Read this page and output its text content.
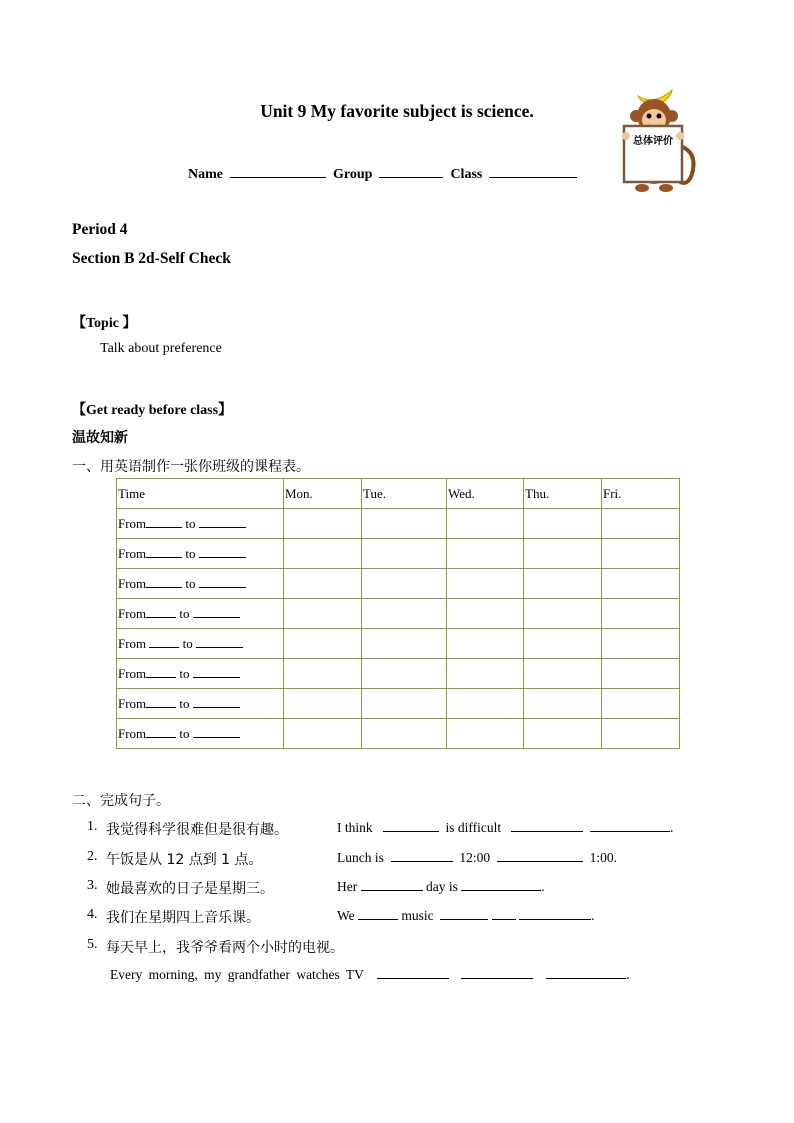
总体评价
Unit 9 My favorite subject is science.
Name	Group	Class
Period 4
Section B 2d-Self Check
【Topic 】
Talk about preference
【Get ready before class】
温故知新
一、用英语制作一张你班级的课程表。
Time	Mon.	Tue.	Wed.	Thu.	Fri.
From to					
From to					
From to					
From to					
From to					
From to					
From to					
From to					
二、完成句子。
1. 我觉得科学很难但是很有趣。	I think	is difficult	.
2. 午饭是从 12 点到 1 点。	Lunch is	12:00	1:00.
3. 她最喜欢的日子是星期三。	Her	day is	.
4. 我们在星期四上音乐课。	We	music	.
5. 每天早上，我爷爷看两个小时的电视。
Every morning, my grandfather watches TV	.
